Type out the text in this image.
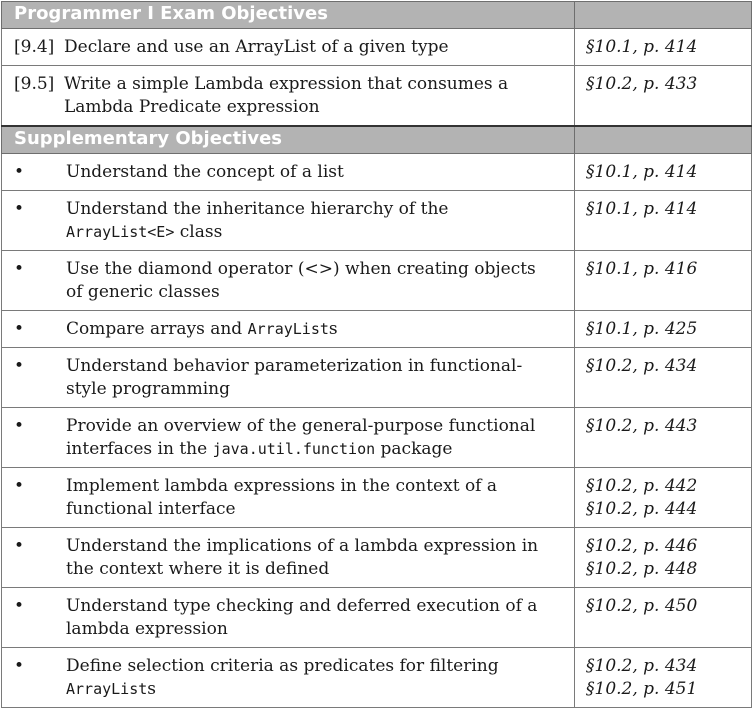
Programmer I Exam Objectives	
[9.4] Declare and use an ArrayList of a given type	§10.1, p. 414

[9.5] Write a simple Lambda expression that consumes a Lambda Predicate expression	§10.2, p. 433

Supplementary Objectives	
• Understand the concept of a list	§10.1, p. 414

• Understand the inheritance hierarchy of the ArrayList<E> class	§10.1, p. 414

• Use the diamond operator (<>) when creating objects of generic classes	§10.1, p. 416

• Compare arrays and ArrayLists	§10.1, p. 425

• Understand behavior parameterization in functional-style programming	§10.2, p. 434

• Provide an overview of the general-purpose functional interfaces in the java.util.function package	§10.2, p. 443

• Implement lambda expressions in the context of a functional interface	§10.2, p. 442
§10.2, p. 444

• Understand the implications of a lambda expression in the context where it is defined	§10.2, p. 446
§10.2, p. 448

• Understand type checking and deferred execution of a lambda expression	§10.2, p. 450

• Define selection criteria as predicates for filtering ArrayLists	§10.2, p. 434
§10.2, p. 451
